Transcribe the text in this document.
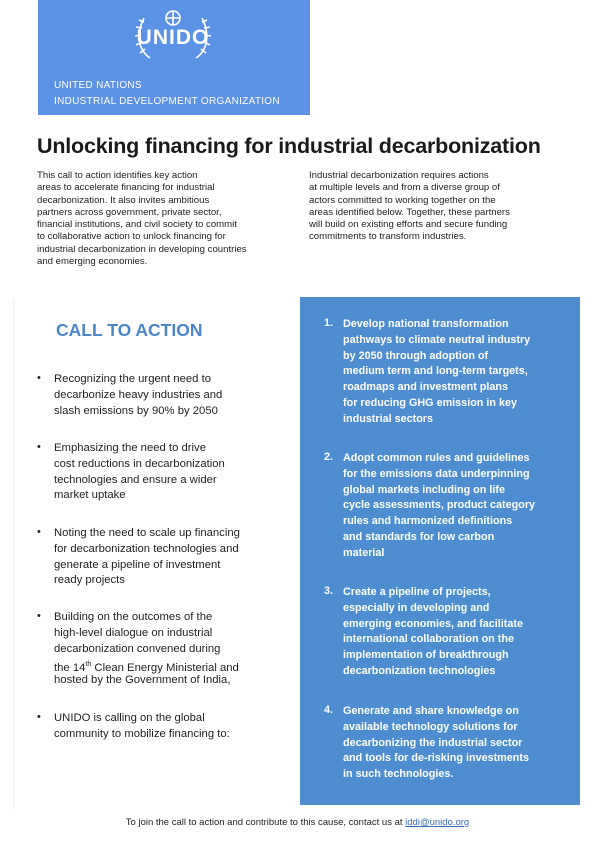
UNIDO
UNITED NATIONS
INDUSTRIAL DEVELOPMENT ORGANIZATION
Unlocking financing for industrial decarbonization

This call to action identifies key action

areas to accelerate financing for industrial

decarbonization. It also invites ambitious

partners across government, private sector,

financial institutions, and civil society to commit

to collaborative action to unlock financing for

industrial decarbonization in developing countries

and emerging economies.

Industrial decarbonization requires actions

at multiple levels and from a diverse group of

actors committed to working together on the

areas identified below. Together, these partners

will build on existing efforts and secure funding

commitments to transform industries.

CALL TO ACTION
• Recognizing the urgent need to
decarbonize heavy industries and
slash emissions by 90% by 2050
• Emphasizing the need to drive
cost reductions in decarbonization
technologies and ensure a wider
market uptake
• Noting the need to scale up financing
for decarbonization technologies and
generate a pipeline of investment
ready projects
• Building on the outcomes of the
high-level dialogue on industrial
decarbonization convened during
the 14th Clean Energy Ministerial and
hosted by the Government of India,
• UNIDO is calling on the global
community to mobilize financing to:
1. Develop national transformation
pathways to climate neutral industry
by 2050 through adoption of
medium term and long-term targets,
roadmaps and investment plans
for reducing GHG emission in key
industrial sectors
2. Adopt common rules and guidelines
for the emissions data underpinning
global markets including on life
cycle assessments, product category
rules and harmonized definitions
and standards for low carbon
material
3. Create a pipeline of projects,
especially in developing and
emerging economies, and facilitate
international collaboration on the
implementation of breakthrough
decarbonization technologies
4. Generate and share knowledge on
available technology solutions for
decarbonizing the industrial sector
and tools for de-risking investments
in such technologies.
To join the call to action and contribute to this cause, contact us at iddi@unido.org
